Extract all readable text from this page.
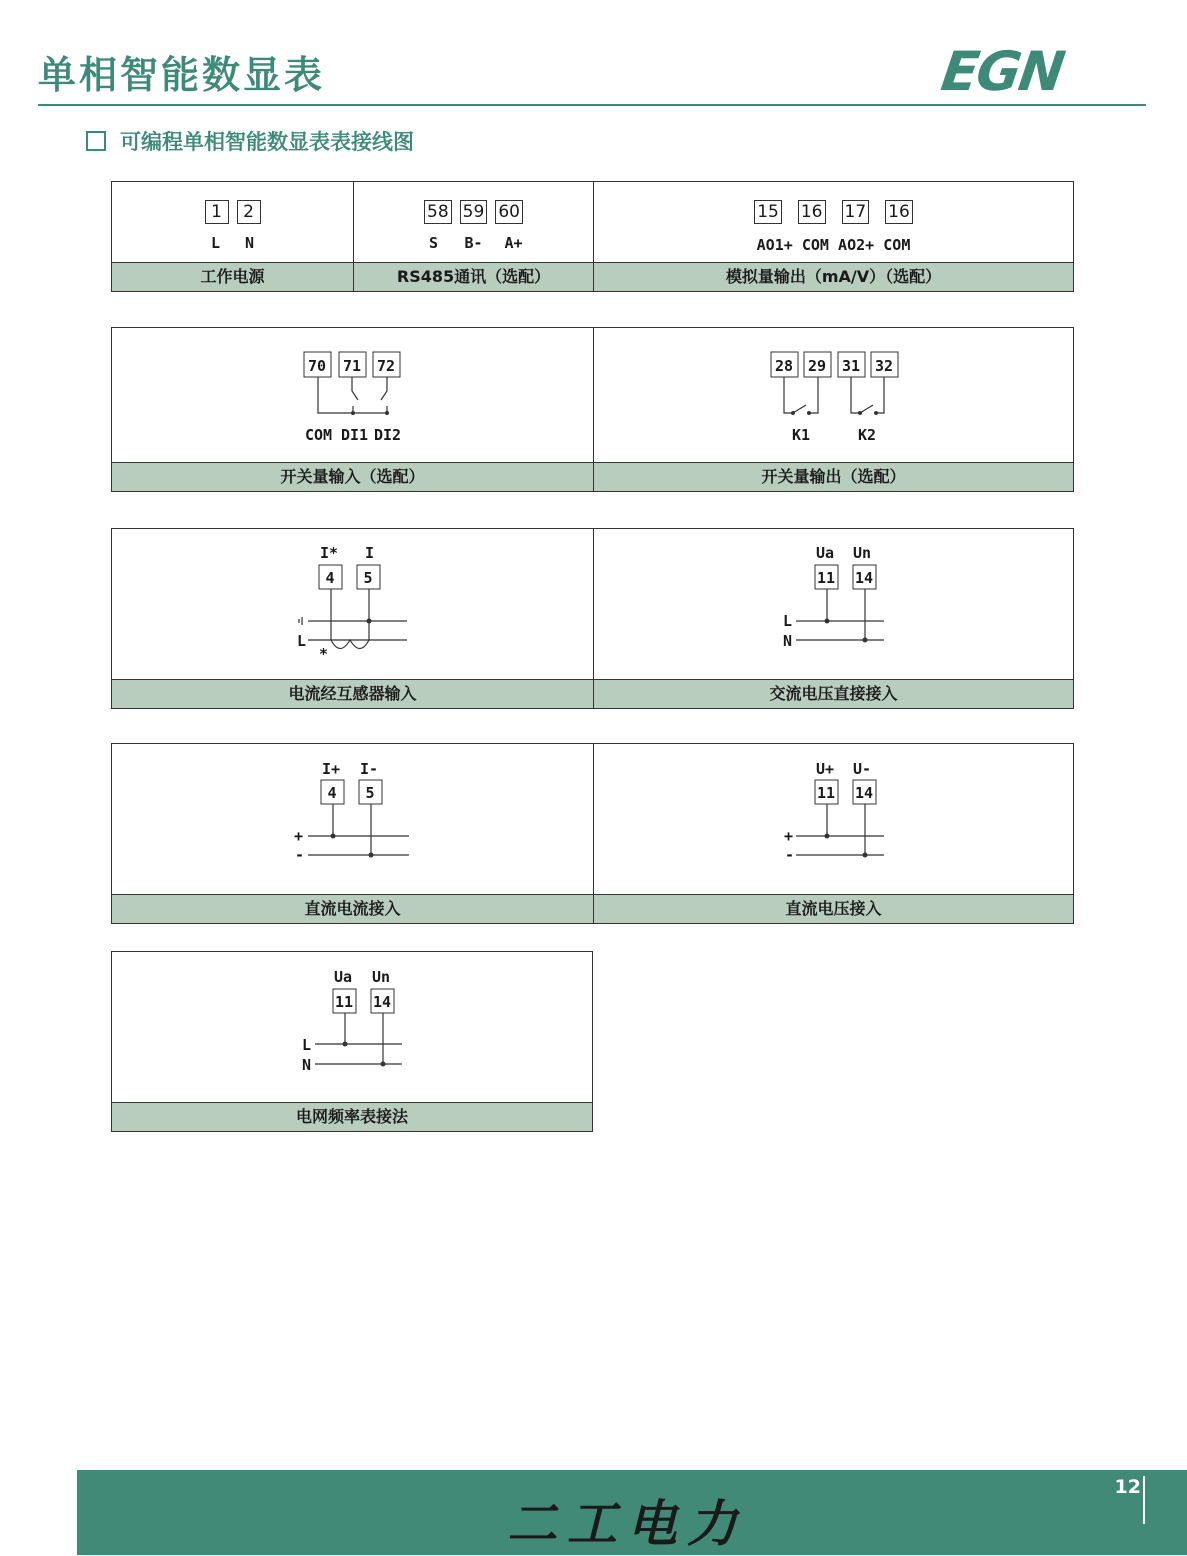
单相智能数显表	EGN
可编程单相智能数显表表接线图
1 2
L N
工作电源
58 59 60
S B- A+
RS485通讯（选配）
15 16 17 16
AO1+ COM AO2+ COM
模拟量输出（mA/V）（选配）
70 71 72
COM DI1 DI2
开关量输入（选配）
28 29 31 32
K1	K2
开关量输出（选配）
I* I
4 5
L
*
电流经互感器输入
Ua Un
11 14
L
N
交流电压直接接入
I+ I-
4 5
+
-
直流电流接入
U+ U-
11 14
+
-
直流电压接入
Ua Un
11 14
L
N
电网频率表接法
二工电力
12
